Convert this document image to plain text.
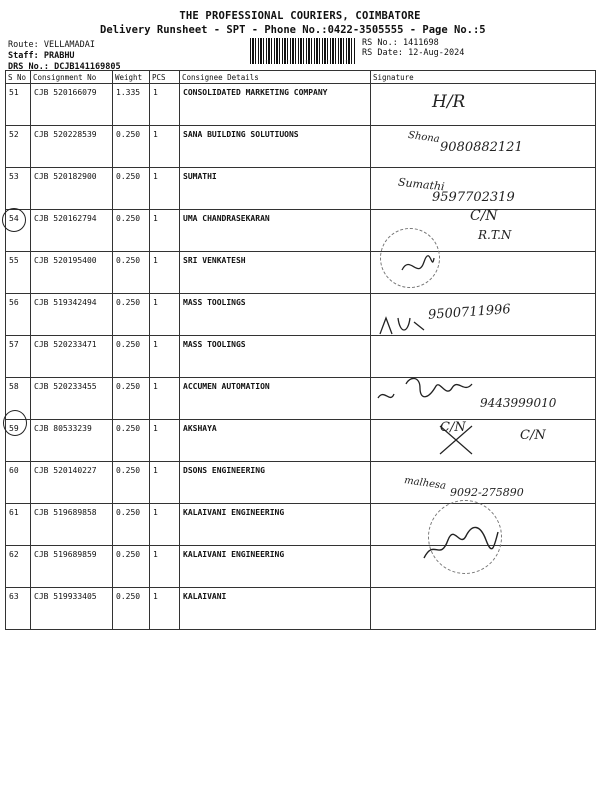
THE PROFESSIONAL COURIERS, COIMBATORE
Delivery Runsheet - SPT - Phone No.:0422-3505555 - Page No.:5
Route: VELLAMADAI
Staff: PRABHU
DRS No.: DCJB141169805
RS No.: 1411698
RS Date: 12-Aug-2024
S No	Consignment No	Weight	PCS	Consignee Details	Signature
51	CJB 520166079	1.335	1	CONSOLIDATED MARKETING COMPANY	
52	CJB 520228539	0.250	1	SANA BUILDING SOLUTIUONS	
53	CJB 520182900	0.250	1	SUMATHI	
54	CJB 520162794	0.250	1	UMA CHANDRASEKARAN	
55	CJB 520195400	0.250	1	SRI VENKATESH	
56	CJB 519342494	0.250	1	MASS TOOLINGS	
57	CJB 520233471	0.250	1	MASS TOOLINGS	
58	CJB 520233455	0.250	1	ACCUMEN AUTOMATION	
59	CJB 80533239	0.250	1	AKSHAYA	
60	CJB 520140227	0.250	1	DSONS ENGINEERING	
61	CJB 519689858	0.250	1	KALAIVANI ENGINEERING	
62	CJB 519689859	0.250	1	KALAIVANI ENGINEERING	
63	CJB 519933405	0.250	1	KALAIVANI	
H/R
Shona
9080882121
Sumathi
9597702319
C/N
R.T.N
9500711996
9443999010
C/N
C/N
malhesa
9092-275890
